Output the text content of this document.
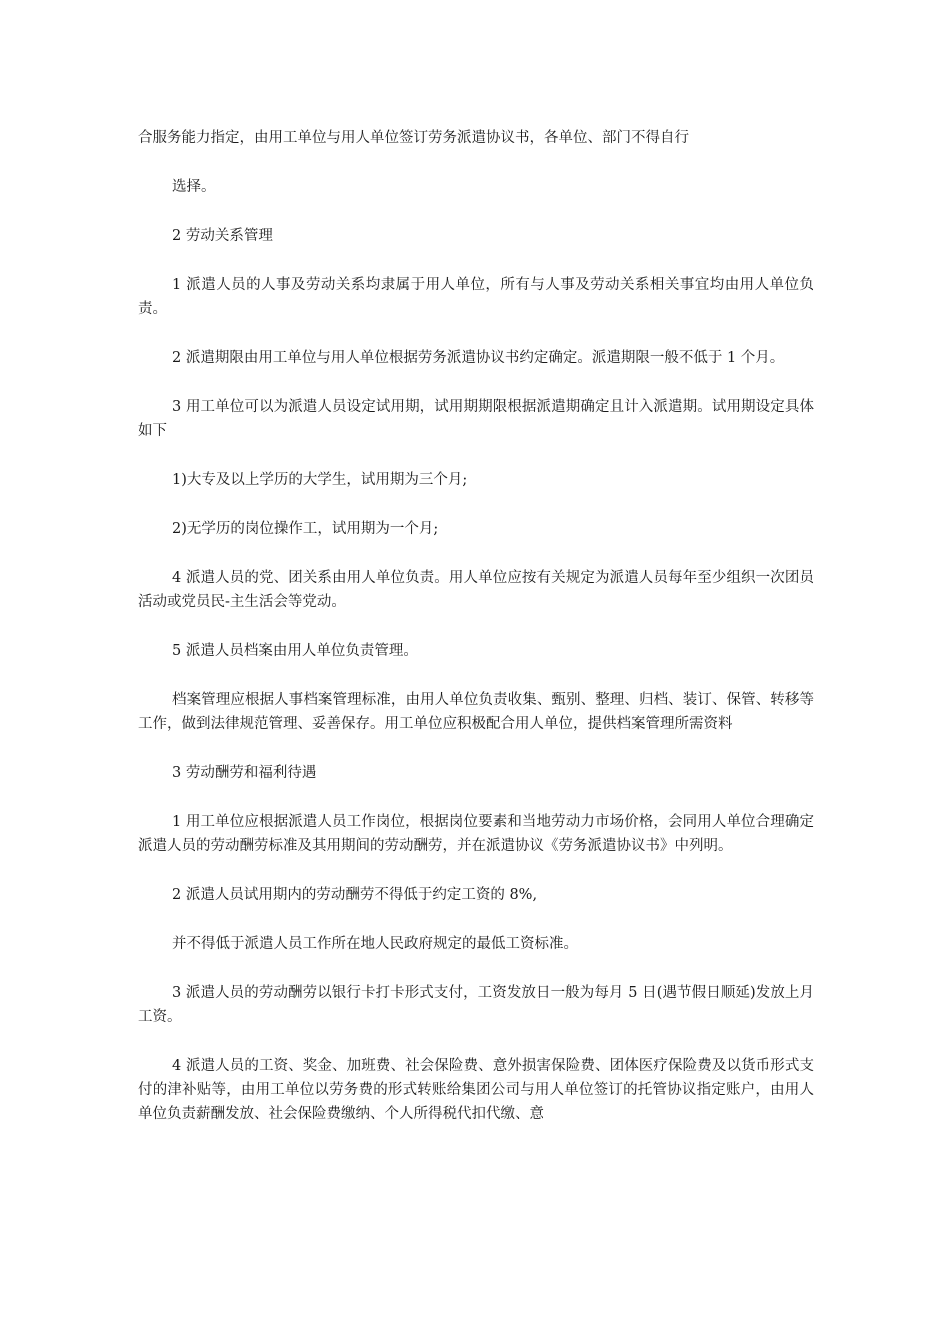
合服务能力指定，由用工单位与用人单位签订劳务派遣协议书，各单位、部门不得自行

选择。

2 劳动关系管理

1 派遣人员的人事及劳动关系均隶属于用人单位，所有与人事及劳动关系相关事宜均由用人单位负责。

2 派遣期限由用工单位与用人单位根据劳务派遣协议书约定确定。派遣期限一般不低于 1 个月。

3 用工单位可以为派遣人员设定试用期，试用期期限根据派遣期确定且计入派遣期。试用期设定具体如下

1)大专及以上学历的大学生，试用期为三个月;

2)无学历的岗位操作工，试用期为一个月;

4 派遣人员的党、团关系由用人单位负责。用人单位应按有关规定为派遣人员每年至少组织一次团员活动或党员民-主生活会等党动。

5 派遣人员档案由用人单位负责管理。

档案管理应根据人事档案管理标准，由用人单位负责收集、甄别、整理、归档、装订、保管、转移等工作，做到法律规范管理、妥善保存。用工单位应积极配合用人单位，提供档案管理所需资料

3 劳动酬劳和福利待遇

1 用工单位应根据派遣人员工作岗位，根据岗位要素和当地劳动力市场价格，会同用人单位合理确定派遣人员的劳动酬劳标准及其用期间的劳动酬劳，并在派遣协议《劳务派遣协议书》中列明。

2 派遣人员试用期内的劳动酬劳不得低于约定工资的 8%,

并不得低于派遣人员工作所在地人民政府规定的最低工资标准。

3 派遣人员的劳动酬劳以银行卡打卡形式支付，工资发放日一般为每月 5 日(遇节假日顺延)发放上月工资。

4 派遣人员的工资、奖金、加班费、社会保险费、意外损害保险费、团体医疗保险费及以货币形式支付的津补贴等，由用工单位以劳务费的形式转账给集团公司与用人单位签订的托管协议指定账户，由用人单位负责薪酬发放、社会保险费缴纳、个人所得税代扣代缴、意
